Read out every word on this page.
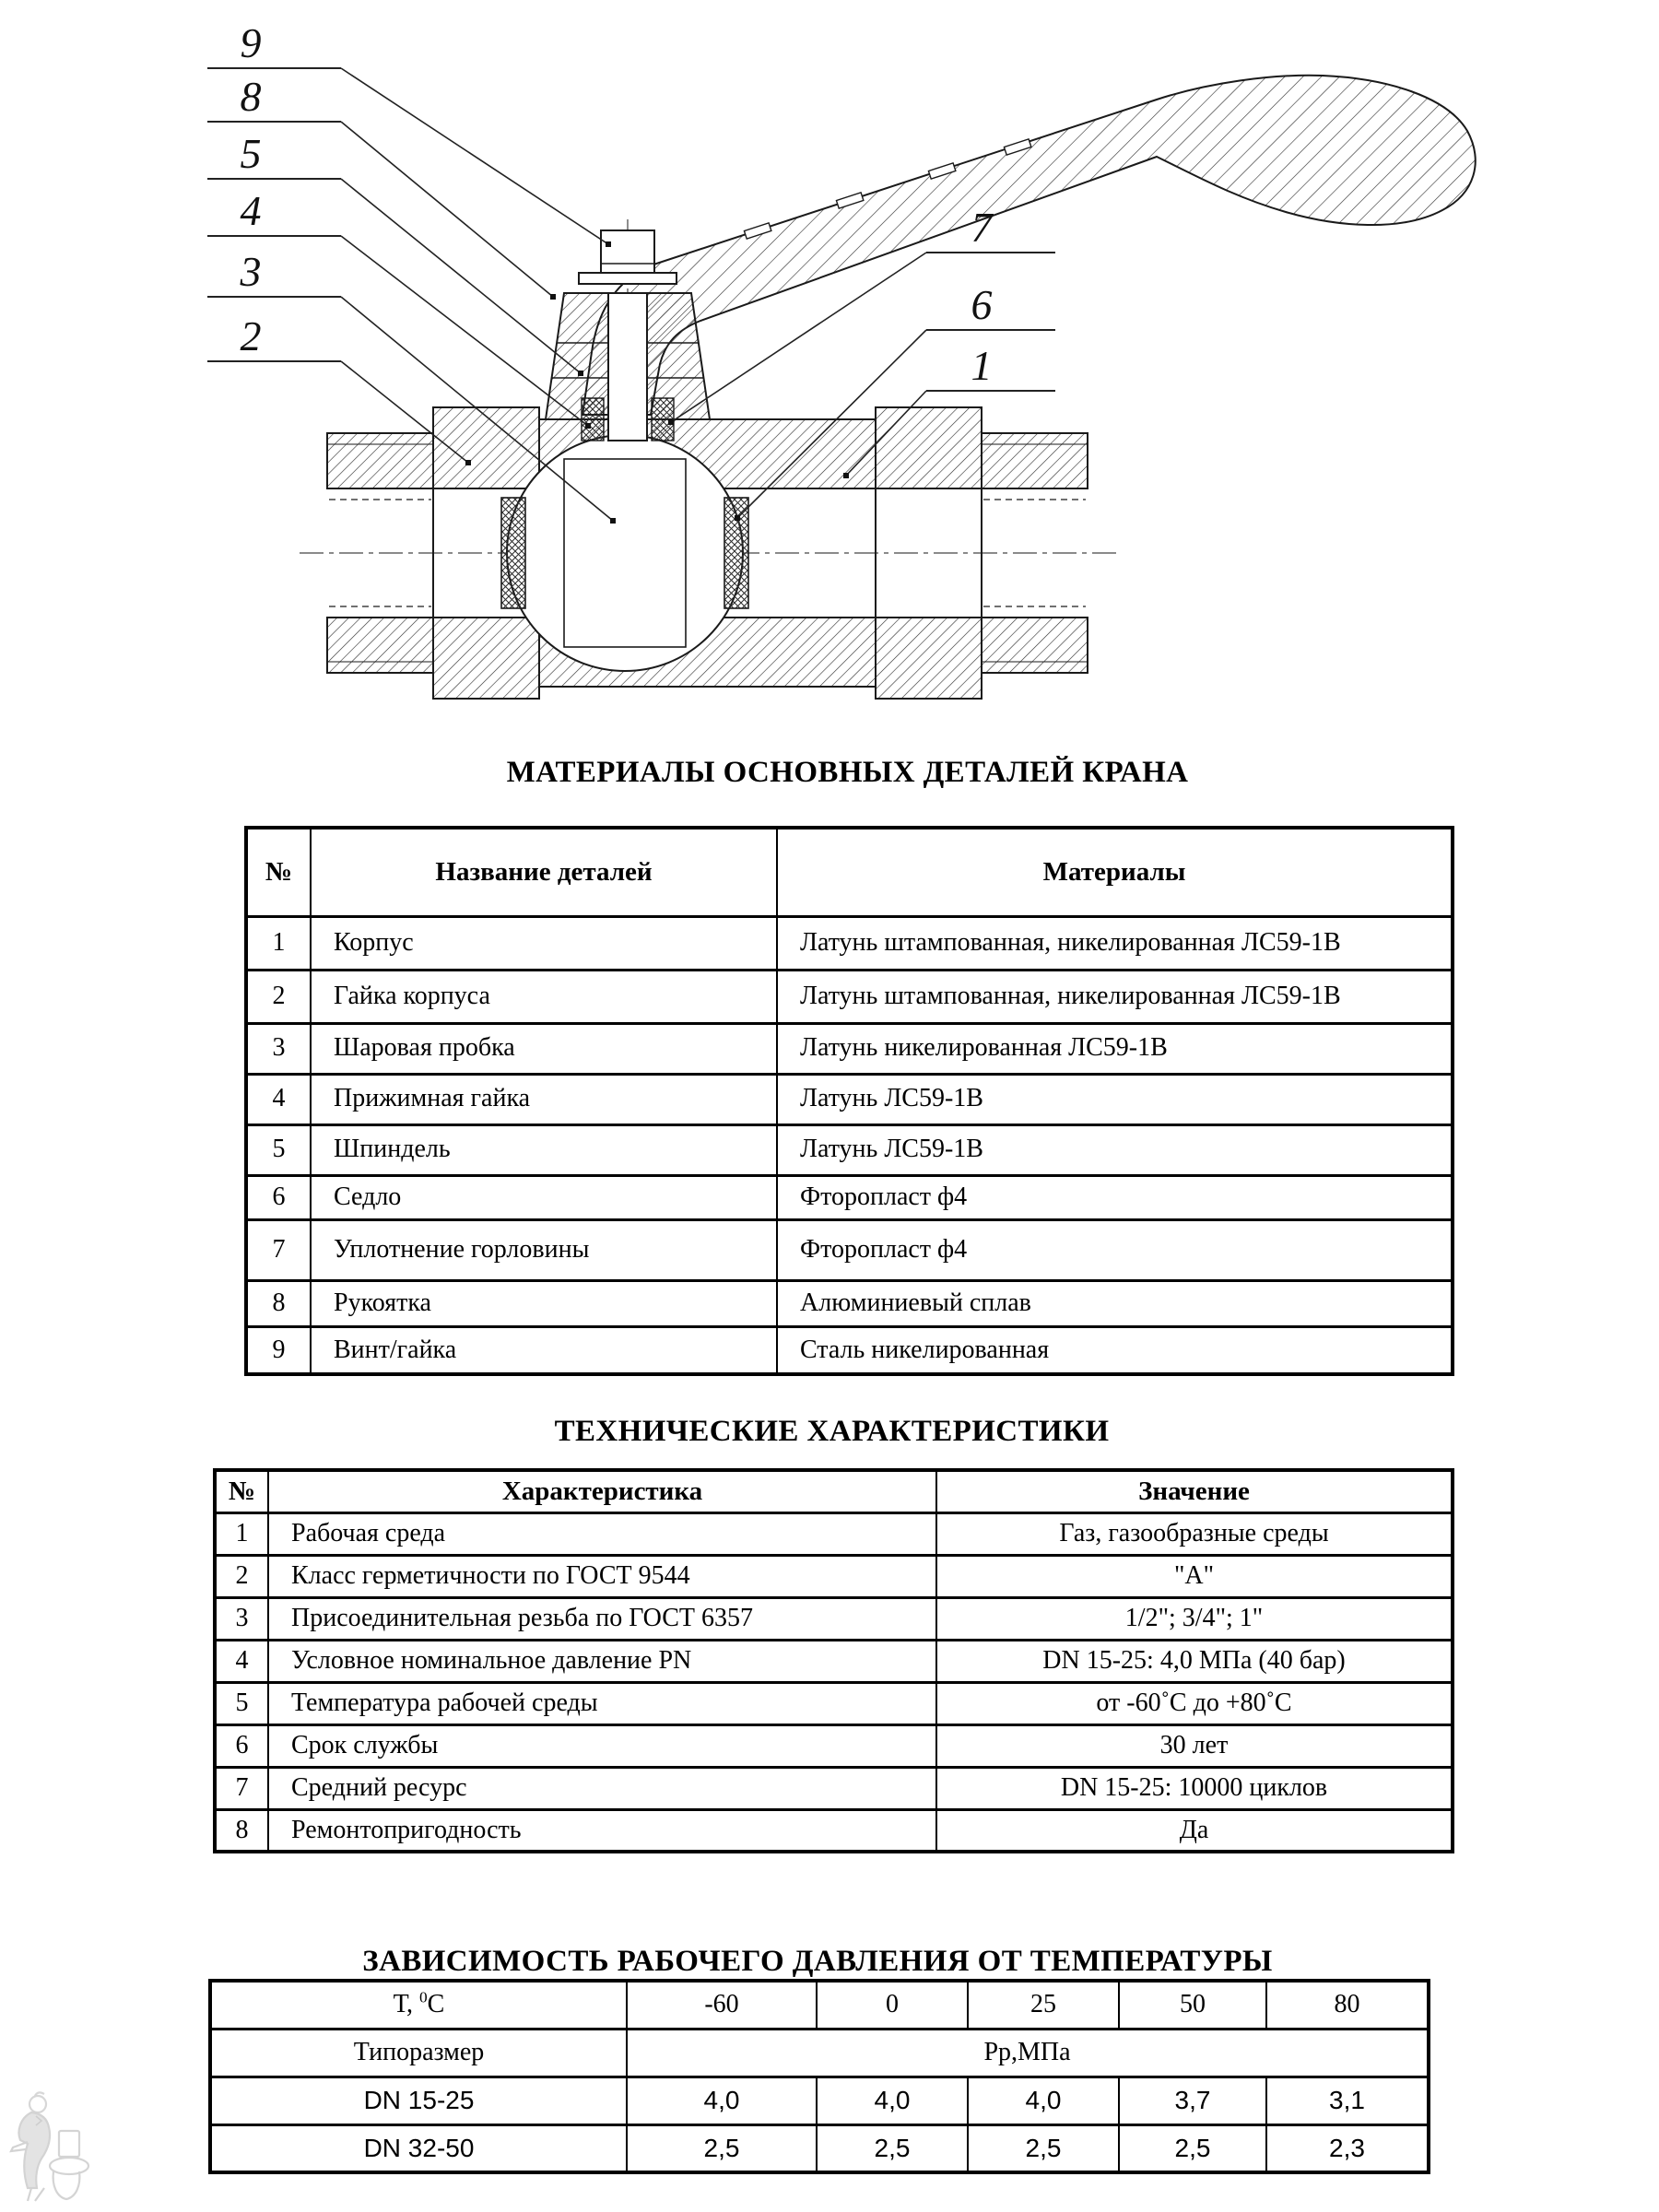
9
8
5
4
3
2
7
6
1
МАТЕРИАЛЫ ОСНОВНЫХ ДЕТАЛЕЙ КРАНА
№	Название деталей	Материалы
1	Корпус	Латунь штампованная, никелированная ЛС59-1В
2	Гайка корпуса	Латунь штампованная, никелированная ЛС59-1В
3	Шаровая пробка	Латунь никелированная ЛС59-1В
4	Прижимная гайка	Латунь ЛС59-1В
5	Шпиндель	Латунь ЛС59-1В
6	Седло	Фторопласт ф4
7	Уплотнение горловины	Фторопласт ф4
8	Рукоятка	Алюминиевый сплав
9	Винт/гайка	Сталь никелированная
ТЕХНИЧЕСКИЕ ХАРАКТЕРИСТИКИ
№	Характеристика	Значение
1	Рабочая среда	Газ, газообразные среды
2	Класс герметичности по ГОСТ 9544	"А"
3	Присоединительная резьба по ГОСТ 6357	1/2"; 3/4"; 1"
4	Условное номинальное давление PN	DN 15-25: 4,0 МПа (40 бар)
5	Температура рабочей среды	от -60˚С до +80˚С
6	Срок службы	30 лет
7	Средний ресурс	DN 15-25: 10000 циклов
8	Ремонтопригодность	Да
ЗАВИСИМОСТЬ РАБОЧЕГО ДАВЛЕНИЯ ОТ ТЕМПЕРАТУРЫ
Т, $^0$С	-60	0	25	50	80
Типоразмер	Рр,МПа				
DN 15-25	4,0	4,0	4,0	3,7	3,1
DN 32-50	2,5	2,5	2,5	2,5	2,3
